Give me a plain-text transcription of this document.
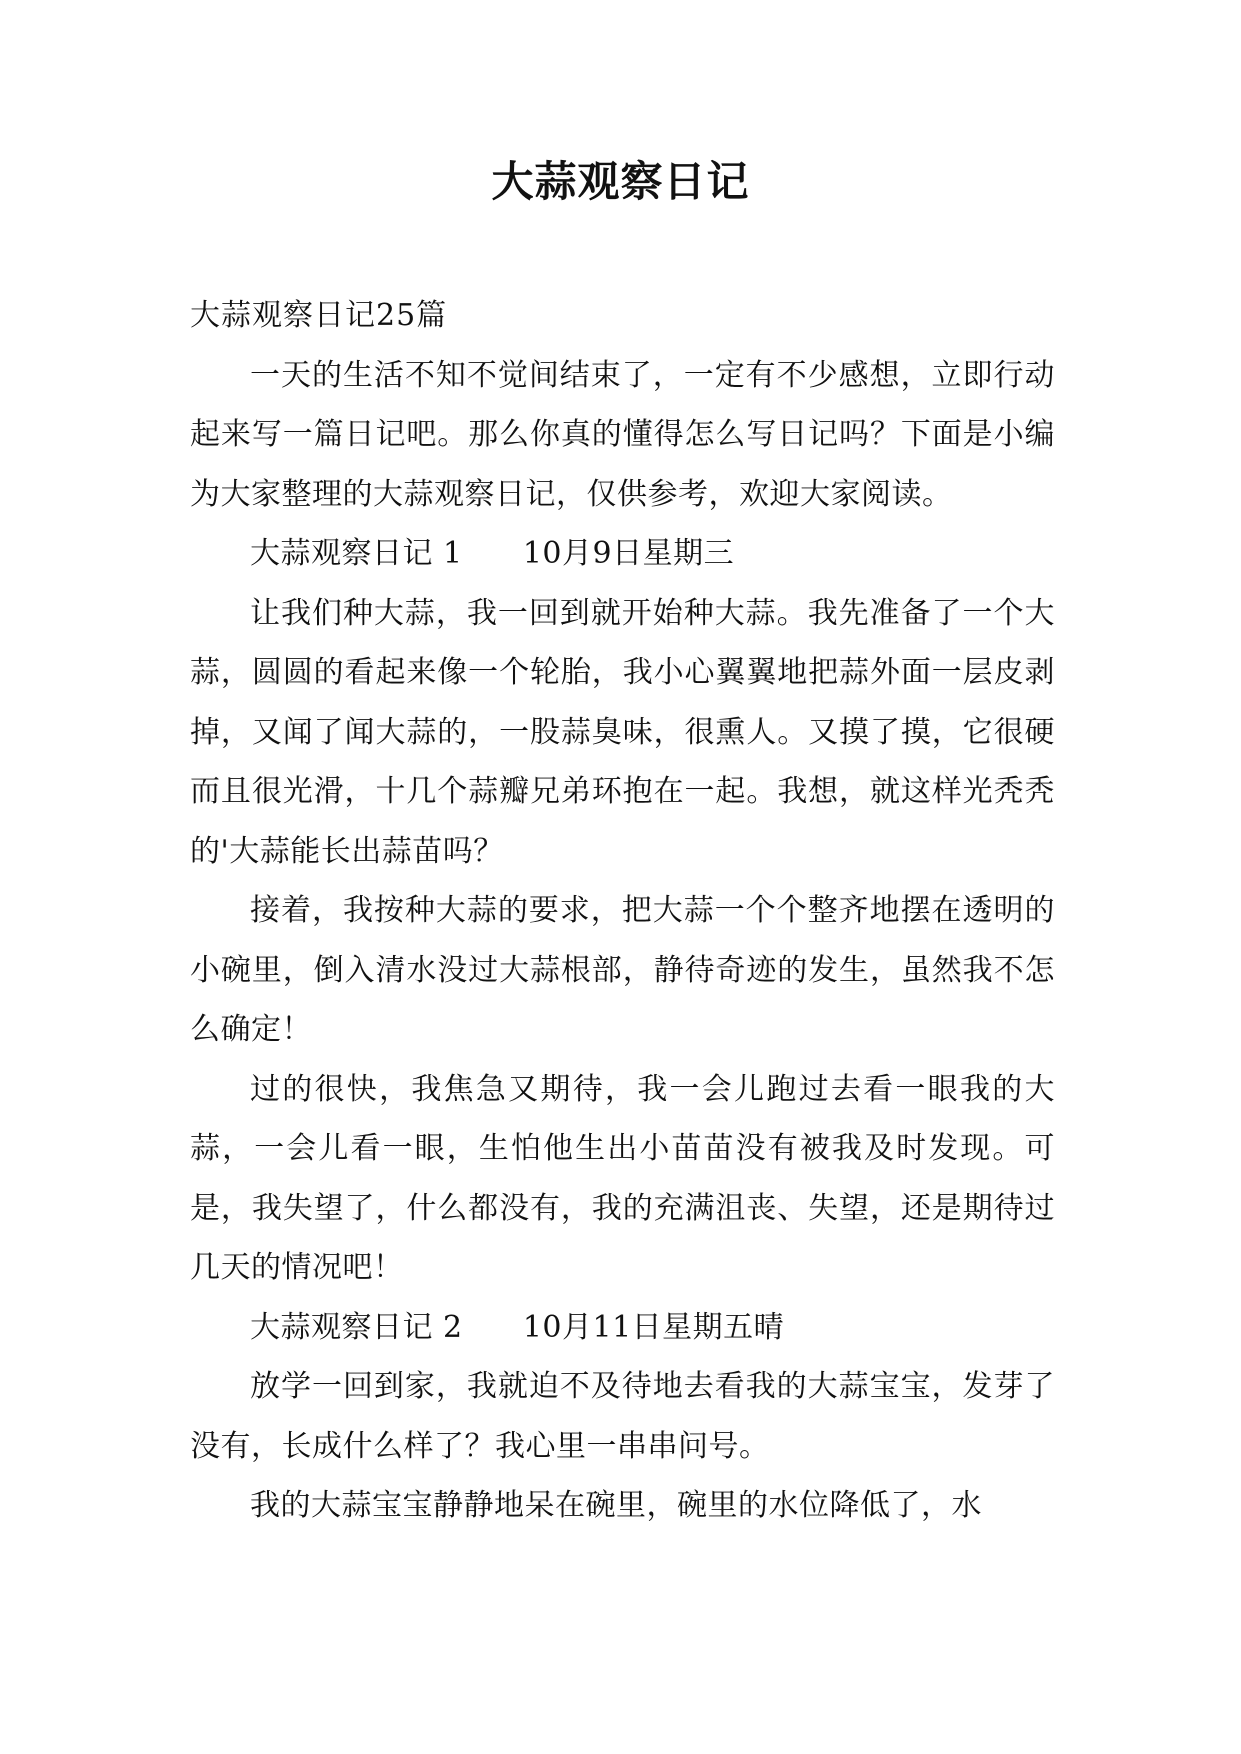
大蒜观察日记

大蒜观察日记25篇

一天的生活不知不觉间结束了，一定有不少感想，立即行动起来写一篇日记吧。那么你真的懂得怎么写日记吗？下面是小编为大家整理的大蒜观察日记，仅供参考，欢迎大家阅读。

大蒜观察日记 1      10月9日星期三

让我们种大蒜，我一回到就开始种大蒜。我先准备了一个大蒜，圆圆的看起来像一个轮胎，我小心翼翼地把蒜外面一层皮剥掉，又闻了闻大蒜的，一股蒜臭味，很熏人。又摸了摸，它很硬而且很光滑，十几个蒜瓣兄弟环抱在一起。我想，就这样光秃秃的'大蒜能长出蒜苗吗？

接着，我按种大蒜的要求，把大蒜一个个整齐地摆在透明的小碗里，倒入清水没过大蒜根部，静待奇迹的发生，虽然我不怎么确定！

过的很快，我焦急又期待，我一会儿跑过去看一眼我的大蒜，一会儿看一眼，生怕他生出小苗苗没有被我及时发现。可是，我失望了，什么都没有，我的充满沮丧、失望，还是期待过几天的情况吧！

大蒜观察日记 2      10月11日星期五晴

放学一回到家，我就迫不及待地去看我的大蒜宝宝，发芽了没有，长成什么样了？我心里一串串问号。

我的大蒜宝宝静静地呆在碗里，碗里的水位降低了，水
